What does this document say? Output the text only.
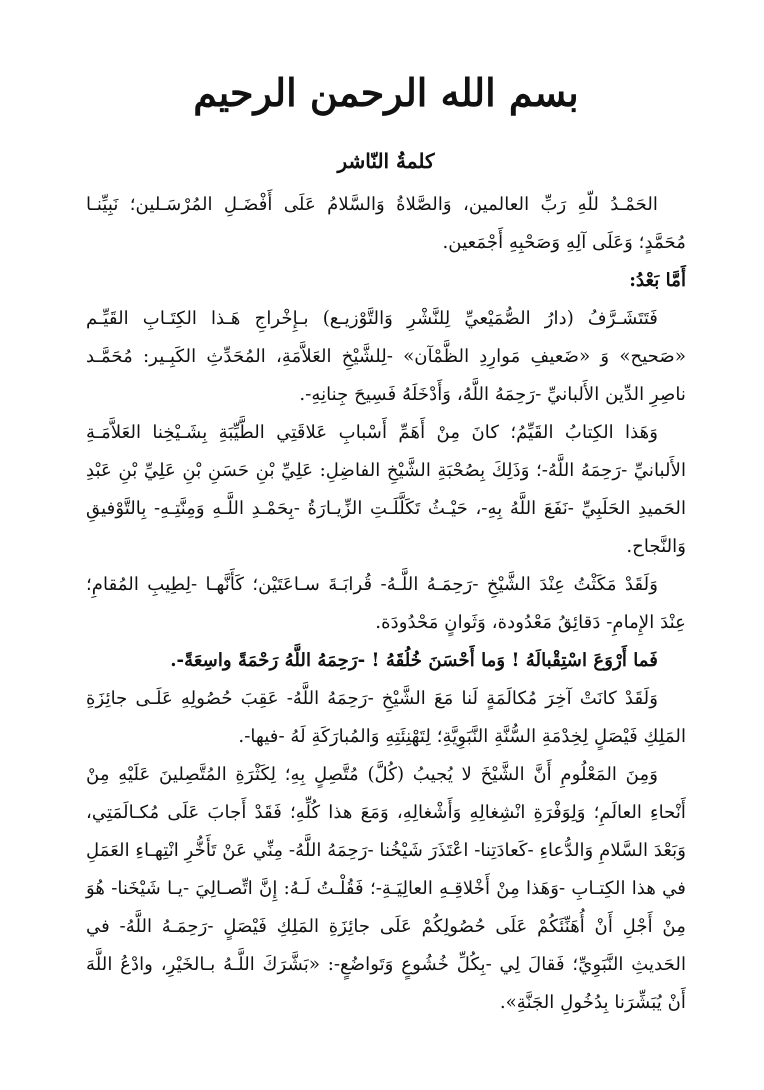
بسم الله الرحمن الرحيم
كلمةُ النّاشر

الحَمْـدُ للّهِ رَبِّ العالمين، وَالصَّلاةُ وَالسَّلامُ عَلَى أَفْضَـلِ المُرْسَـلين؛ نَبِيِّنـا مُحَمَّدٍ؛ وَعَلَى آلِهِ وَصَحْبِهِ أَجْمَعين.

أَمَّا بَعْدُ:

فَتَتَشَـرَّفُ (دارُ الصُّمَيْعيِّ لِلنَّشْرِ وَالتَّوْزيـع) بـإِخْراجِ هَـذا الكِتَـابِ القَيِّـم «صَحيح» وَ «ضَعيفِ مَوارِدِ الظَّمْآن» -لِلشَّيْخِ العَلاَّمَةِ، المُحَدِّثِ الكَبِـير: مُحَمَّـد ناصِرِ الدِّين الأَلبانيِّ -رَحِمَهُ اللَّهُ، وَأَدْخَلَهُ فَسِيحَ جِنانِهِ-.

وَهَذا الكِتابُ القَيِّمُ؛ كانَ مِنْ أَهَمِّ أَسْبابِ عَلاقَتِي الطَّيِّبَةِ بِشَـيْخِنا العَلاَّمَـةِ الأَلبانيِّ -رَحِمَهُ اللَّهُ-؛ وَذَلِكَ بِصُحْبَةِ الشَّيْخِ الفاضِلِ: عَلِيِّ بْنِ حَسَنِ بْنِ عَلِيِّ بْنِ عَبْدِ الحَميدِ الحَلَبِيِّ -نَفَعَ اللَّهُ بِهِ-، حَيْـثُ تَكَلَّلَـتِ الزِّيـارَةُ -بِحَمْـدِ اللَّـهِ وَمِنَّتِـهِ- بِالتَّوْفيقِ وَالنَّجاح.

وَلَقَدْ مَكَثْتُ عِنْدَ الشَّيْخِ -رَحِمَـهُ اللَّـهُ- قُرابَـةَ سـاعَتَيْن؛ كَأَنَّهـا -لِطِيبِ المُقامِ؛ عِنْدَ الإِمامِ- دَقائِقُ مَعْدُودة، وَثَوانٍ مَحْدُودَة.

فَما أَرْوَعَ اسْتِقْبالَهُ ! وَما أَحْسَنَ خُلُقَهُ ! -رَحِمَهُ اللَّهُ رَحْمَةً واسِعَةً-.

وَلَقَدْ كانَتْ آخِرَ مُكالَمَةٍ لَنا مَعَ الشَّيْخِ -رَحِمَهُ اللَّهُ- عَقِبَ حُصُولِهِ عَلَـى جائِزَةِ المَلِكِ فَيْصَلٍ لِخِدْمَةِ السُّنَّةِ النَّبَوِيَّةِ؛ لِتَهْنِئَتِهِ وَالمُبارَكَةِ لَهُ -فيها-.

وَمِنَ المَعْلُومِ أَنَّ الشَّيْخَ لا يُجيبُ (كُلَّ) مُتَّصِلٍ بِهِ؛ لِكَثْرَةِ المُتَّصِلينَ عَلَيْهِ مِنْ أَنْحاءِ العالَمِ؛ وَلِوَفْرَةِ انْشِغالِهِ وَأَشْغالِهِ، وَمَعَ هذا كُلِّهِ؛ فَقَدْ أَجابَ عَلَى مُكـالَمَتِي، وَبَعْدَ السَّلامِ وَالدُّعاءِ -كَعادَتِنا- اعْتَذَرَ شَيْخُنا -رَحِمَهُ اللَّهُ- مِنِّي عَنْ تَأَخُّرِ انْتِهـاءِ العَمَلِ في هذا الكِتـابِ -وَهَذا مِنْ أَخْلاقِـهِ العالِيَـةِ-؛ فَقُلْـتُ لَـهُ: إِنَّ اتِّصـالِيَ -يـا شَيْخَنا- هُوَ مِنْ أَجْلِ أَنْ أُهَنِّئَكُمْ عَلَى حُصُولِكُمْ عَلَى جائِزَةِ المَلِكِ فَيْصَلٍ -رَحِمَـهُ اللَّهُ- في الحَديثِ النَّبَوِيِّ؛ فَقالَ لِي -بِكُلِّ خُشُوعٍ وَتَواضُعٍ-: «بَشَّرَكَ اللَّـهُ بـالخَيْرِ، وادْعُ اللَّهَ أَنْ يُبَشِّرَنا بِدُخُولِ الجَنَّةِ».
